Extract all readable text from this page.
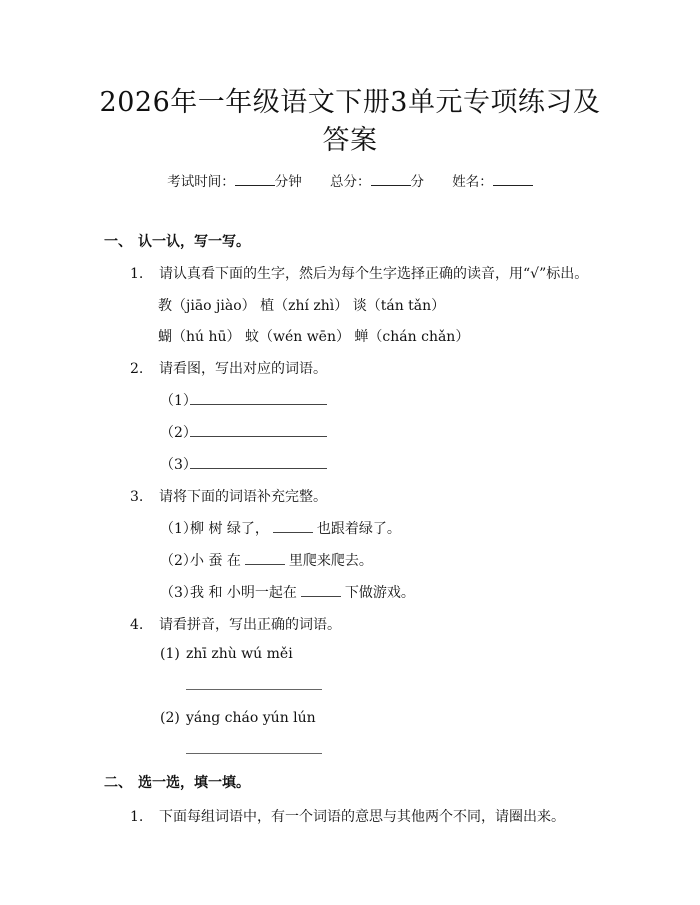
2026年一年级语文下册3单元专项练习及答案
考试时间：	分钟 总分：	分 姓名：
一、 认一认，写一写。
1. 请认真看下面的生字，然后为每个生字选择正确的读音，用“√”标出。
教（jiāo jiào） 植（zhí zhì） 谈（tán tǎn）
蝴（hú hū） 蚊（wén wēn） 蝉（chán chǎn）
2. 请看图，写出对应的词语。
（1）
（2）
（3）
3. 请将下面的词语补充完整。
（1）柳 树 绿了，	也跟着绿了。
（2）小 蚕 在	里爬来爬去。
（3）我 和 小明一起在	下做游戏。
4. 请看拼音，写出正确的词语。
(1) zhī zhù wú měi
(2) yáng cháo yún lún
二、 选一选，填一填。
1. 下面每组词语中，有一个词语的意思与其他两个不同，请圈出来。
